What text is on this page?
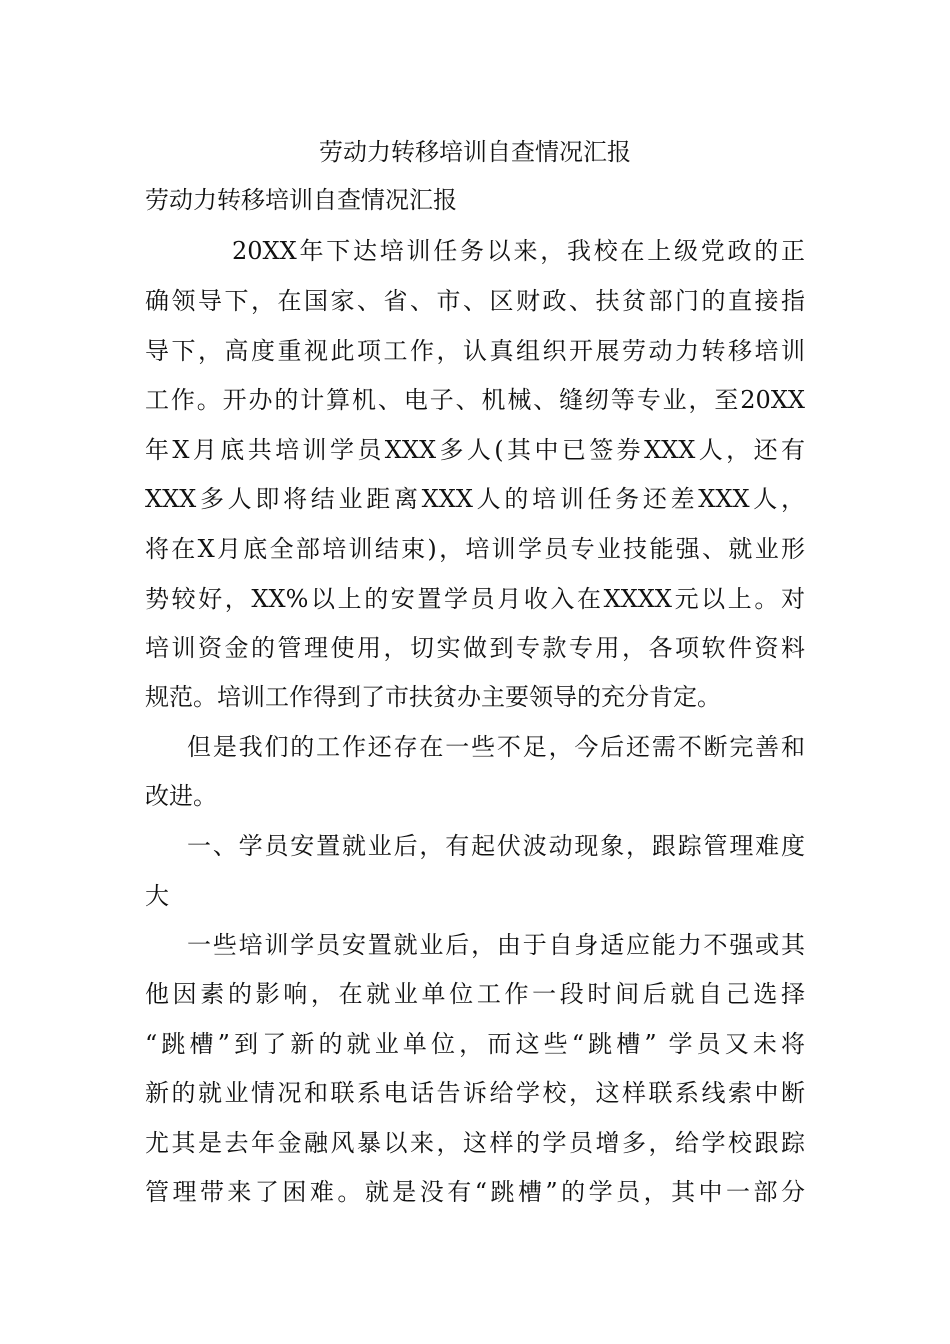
劳动力转移培训自查情况汇报
劳动力转移培训自查情况汇报

20XX年下达培训任务以来，我校在上级党政的正

确领导下，在国家、省、市、区财政、扶贫部门的直接指

导下，高度重视此项工作，认真组织开展劳动力转移培训

工作。开办的计算机、电子、机械、缝纫等专业，至20XX

年X月底共培训学员XXX多人(其中已签券XXX人，还有

XXX多人即将结业距离XXX人的培训任务还差XXX人，

将在X月底全部培训结束)，培训学员专业技能强、就业形

势较好，XX%以上的安置学员月收入在XXXX元以上。对

培训资金的管理使用，切实做到专款专用，各项软件资料

规范。培训工作得到了市扶贫办主要领导的充分肯定。

但是我们的工作还存在一些不足，今后还需不断完善和

改进。

一、学员安置就业后，有起伏波动现象，跟踪管理难度

大

一些培训学员安置就业后，由于自身适应能力不强或其

他因素的影响，在就业单位工作一段时间后就自己选择

“跳槽”到了新的就业单位，而这些“跳槽” 学员又未将

新的就业情况和联系电话告诉给学校，这样联系线索中断

尤其是去年金融风暴以来，这样的学员增多，给学校跟踪

管理带来了困难。就是没有“跳槽”的学员，其中一部分
